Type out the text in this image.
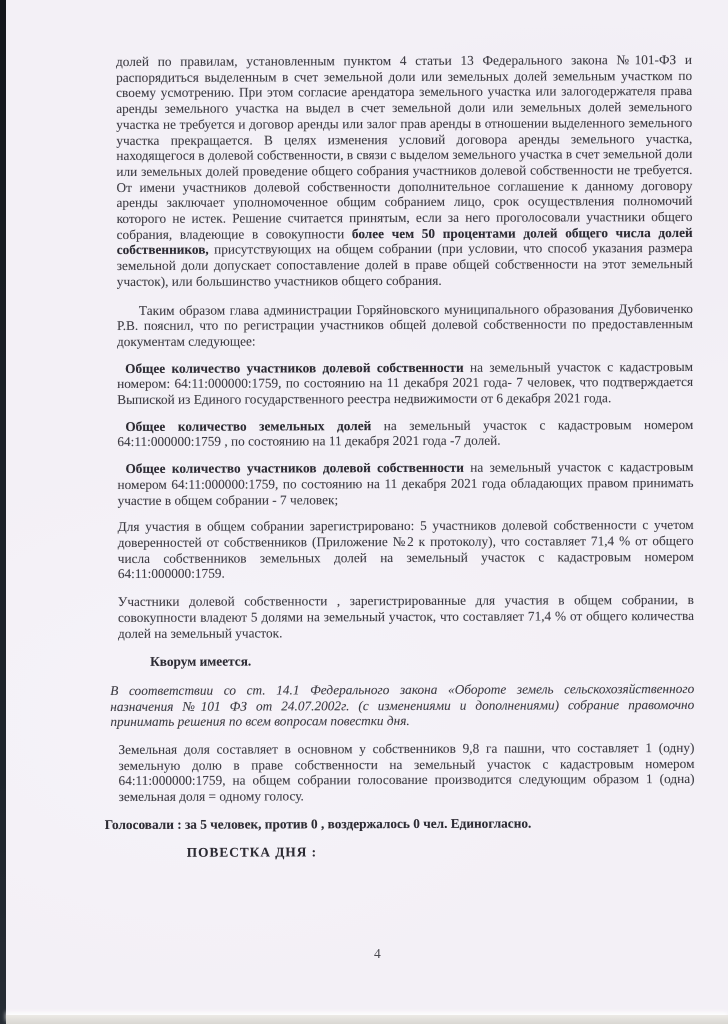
долей по правилам, установленным пунктом 4 статьи 13 Федерального закона №101-ФЗ и распорядиться выделенным в счет земельной доли или земельных долей земельным участком по своему усмотрению. При этом согласие арендатора земельного участка или залогодержателя права аренды земельного участка на выдел в счет земельной доли или земельных долей земельного участка не требуется и договор аренды или залог прав аренды в отношении выделенного земельного участка прекращается. В целях изменения условий договора аренды земельного участка, находящегося в долевой собственности, в связи с выделом земельного участка в счет земельной доли или земельных долей проведение общего собрания участников долевой собственности не требуется. От имени участников долевой собственности дополнительное соглашение к данному договору аренды заключает уполномоченное общим собранием лицо, срок осуществления полномочий которого не истек. Решение считается принятым, если за него проголосовали участники общего собрания, владеющие в совокупности более чем 50 процентами долей общего числа долей собственников, присутствующих на общем собрании (при условии, что способ указания размера земельной доли допускает сопоставление долей в праве общей собственности на этот земельный участок), или большинство участников общего собрания.

Таким образом глава администрации Горяйновского муниципального образования Дубовиченко Р.В. пояснил, что по регистрации участников общей долевой собственности по предоставленным документам следующее:

Общее количество участников долевой собственности на земельный участок с кадастровым номером: 64:11:000000:1759, по состоянию на 11 декабря 2021 года- 7 человек, что подтверждается Выпиской из Единого государственного реестра недвижимости от 6 декабря 2021 года.

Общее количество земельных долей на земельный участок с кадастровым номером 64:11:000000:1759 , по состоянию на 11 декабря 2021 года -7 долей.

Общее количество участников долевой собственности на земельный участок с кадастровым номером 64:11:000000:1759, по состоянию на 11 декабря 2021 года обладающих правом принимать участие в общем собрании - 7 человек;

Для участия в общем собрании зарегистрировано: 5 участников долевой собственности с учетом доверенностей от собственников (Приложение №2 к протоколу), что составляет 71,4 % от общего числа собственников земельных долей на земельный участок с кадастровым номером 64:11:000000:1759.

Участники долевой собственности , зарегистрированные для участия в общем собрании, в совокупности владеют 5 долями на земельный участок, что составляет 71,4 % от общего количества долей на земельный участок.

Кворум имеется.

В соответствии со ст. 14.1 Федерального закона «Обороте земель сельскохозяйственного назначения №101 ФЗ от 24.07.2002г. (с изменениями и дополнениями) собрание правомочно принимать решения по всем вопросам повестки дня.

Земельная доля составляет в основном у собственников 9,8 га пашни, что составляет 1 (одну) земельную долю в праве собственности на земельный участок с кадастровым номером 64:11:000000:1759, на общем собрании голосование производится следующим образом 1 (одна) земельная доля = одному голосу.

Голосовали : за 5 человек, против 0 , воздержалось 0 чел. Единогласно.

ПОВЕСТКА ДНЯ :

4
